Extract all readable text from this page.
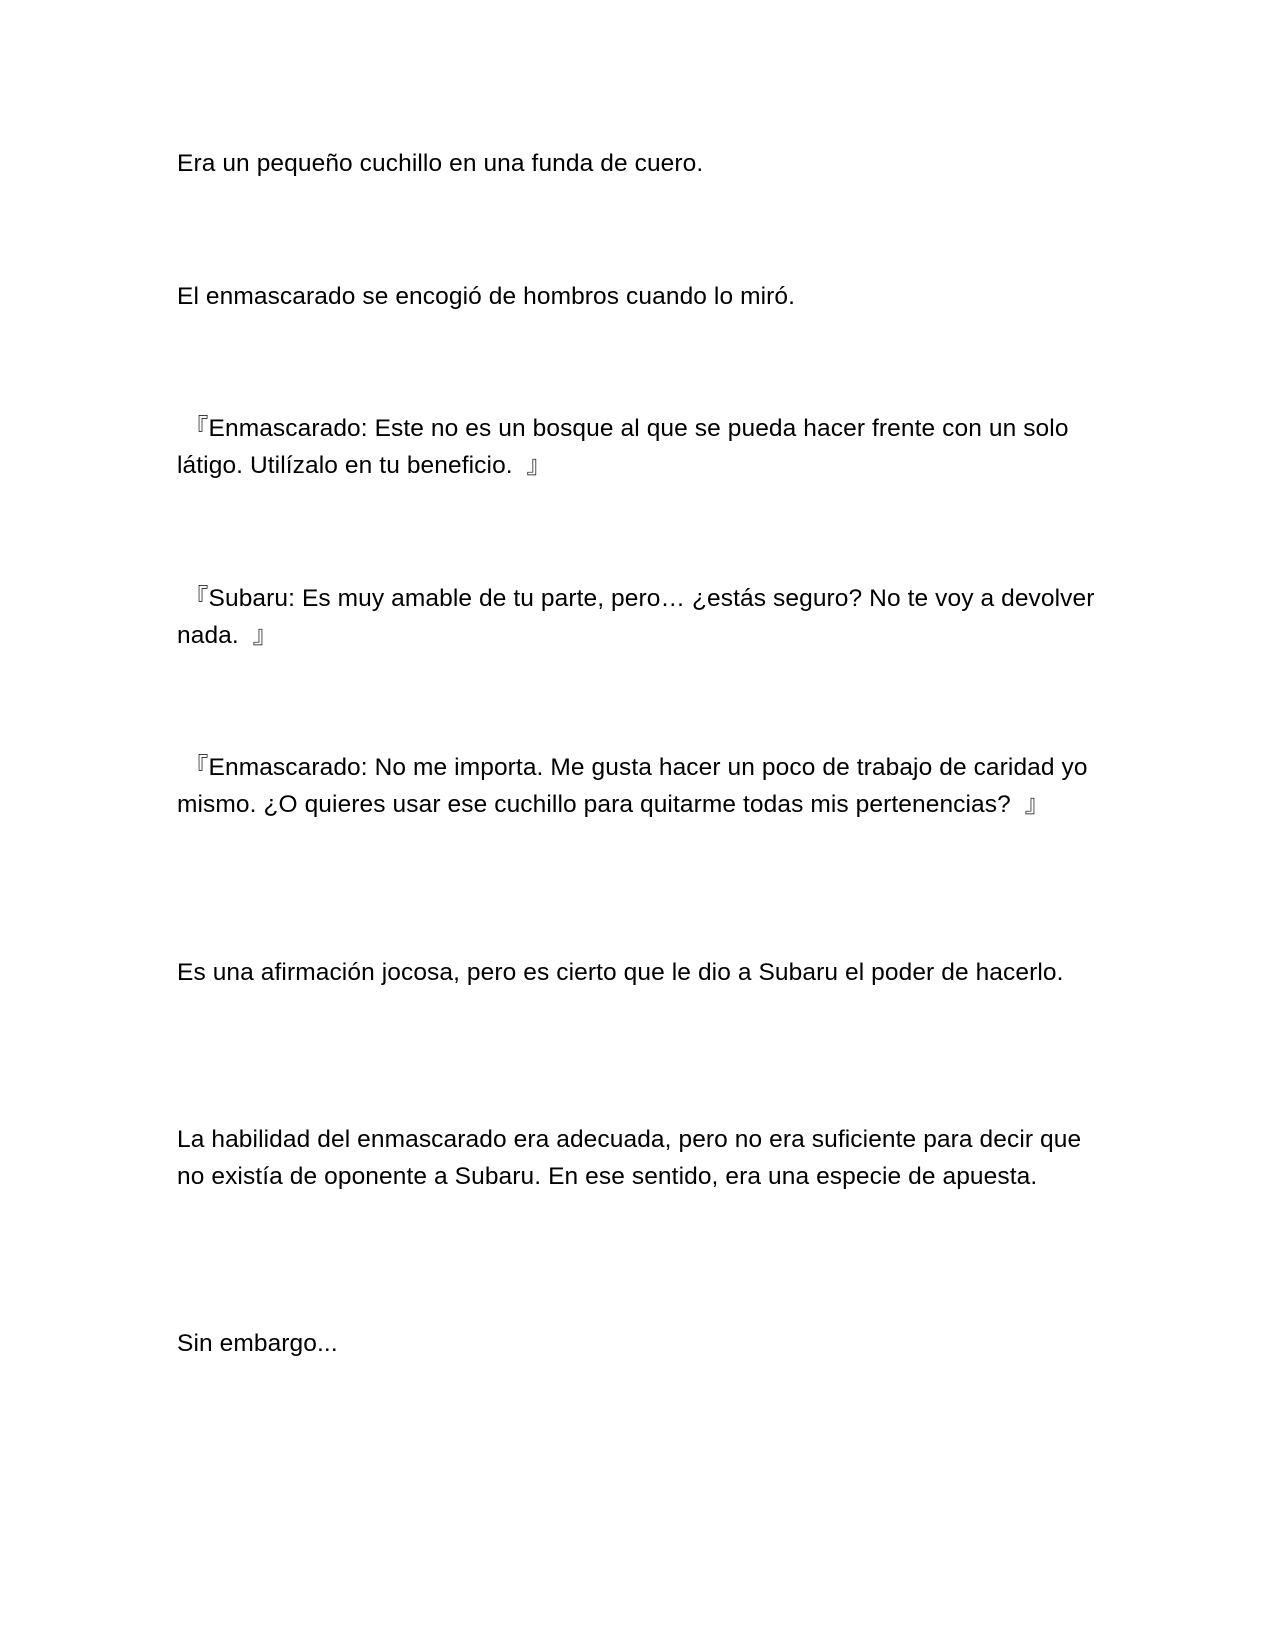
Era un pequeño cuchillo en una funda de cuero.
El enmascarado se encogió de hombros cuando lo miró.
『Enmascarado: Este no es un bosque al que se pueda hacer frente con un solo látigo. Utilízalo en tu beneficio.  』
『Subaru: Es muy amable de tu parte, pero… ¿estás seguro? No te voy a devolver nada.  』
『Enmascarado: No me importa. Me gusta hacer un poco de trabajo de caridad yo mismo. ¿O quieres usar ese cuchillo para quitarme todas mis pertenencias?  』
Es una afirmación jocosa, pero es cierto que le dio a Subaru el poder de hacerlo.
La habilidad del enmascarado era adecuada, pero no era suficiente para decir que no existía de oponente a Subaru. En ese sentido, era una especie de apuesta.
Sin embargo...
